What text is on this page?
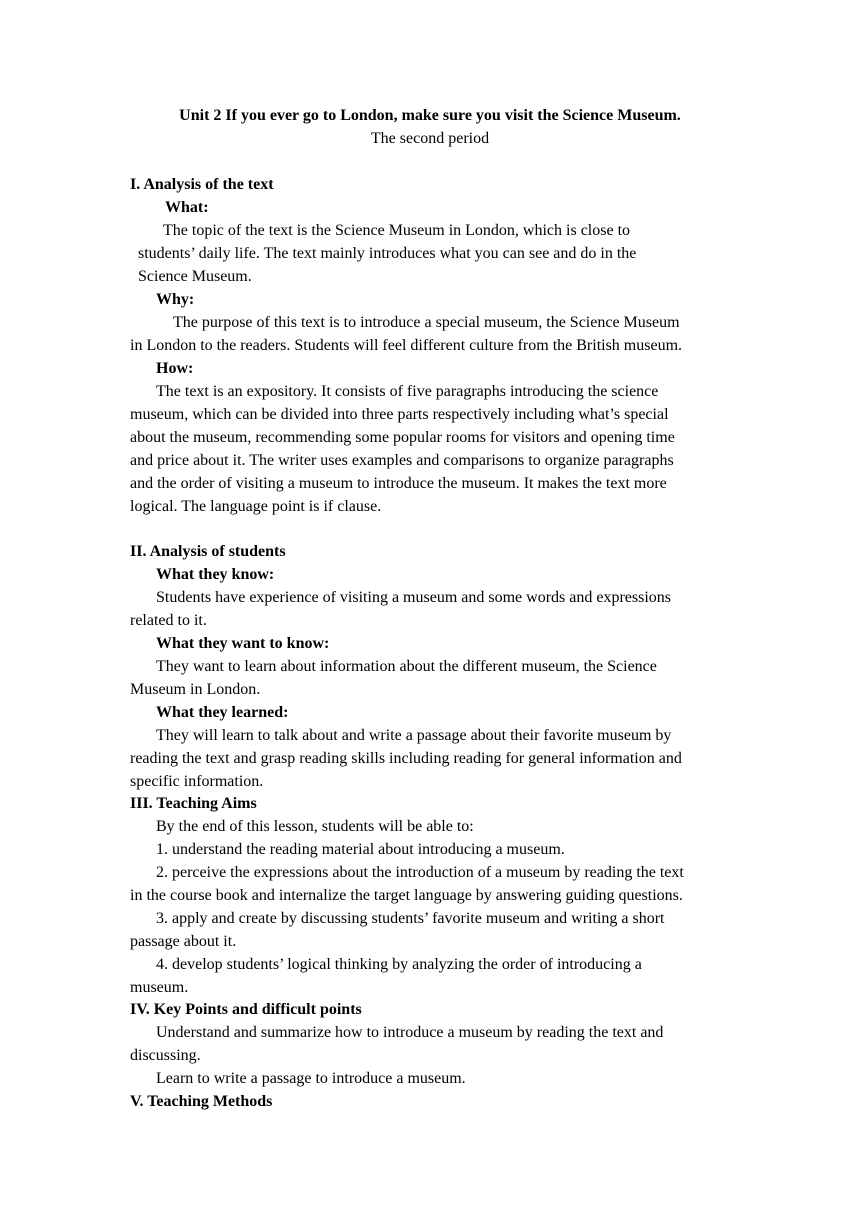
Unit 2 If you ever go to London, make sure you visit the Science Museum.
The second period
I. Analysis of the text
What:
The topic of the text is the Science Museum in London, which is close to
students’ daily life. The text mainly introduces what you can see and do in the
Science Museum.
Why:
The purpose of this text is to introduce a special museum, the Science Museum
in London to the readers. Students will feel different culture from the British museum.
How:
The text is an expository. It consists of five paragraphs introducing the science
museum, which can be divided into three parts respectively including what’s special
about the museum, recommending some popular rooms for visitors and opening time
and price about it. The writer uses examples and comparisons to organize paragraphs
and the order of visiting a museum to introduce the museum. It makes the text more
logical. The language point is if clause.
II. Analysis of students
What they know:
Students have experience of visiting a museum and some words and expressions
related to it.
What they want to know:
They want to learn about information about the different museum, the Science
Museum in London.
What they learned:
They will learn to talk about and write a passage about their favorite museum by
reading the text and grasp reading skills including reading for general information and
specific information.
III. Teaching Aims
By the end of this lesson, students will be able to:
1. understand the reading material about introducing a museum.
2. perceive the expressions about the introduction of a museum by reading the text
in the course book and internalize the target language by answering guiding questions.
3. apply and create by discussing students’ favorite museum and writing a short
passage about it.
4. develop students’ logical thinking by analyzing the order of introducing a
museum.
IV. Key Points and difficult points
Understand and summarize how to introduce a museum by reading the text and
discussing.
Learn to write a passage to introduce a museum.
V. Teaching Methods
